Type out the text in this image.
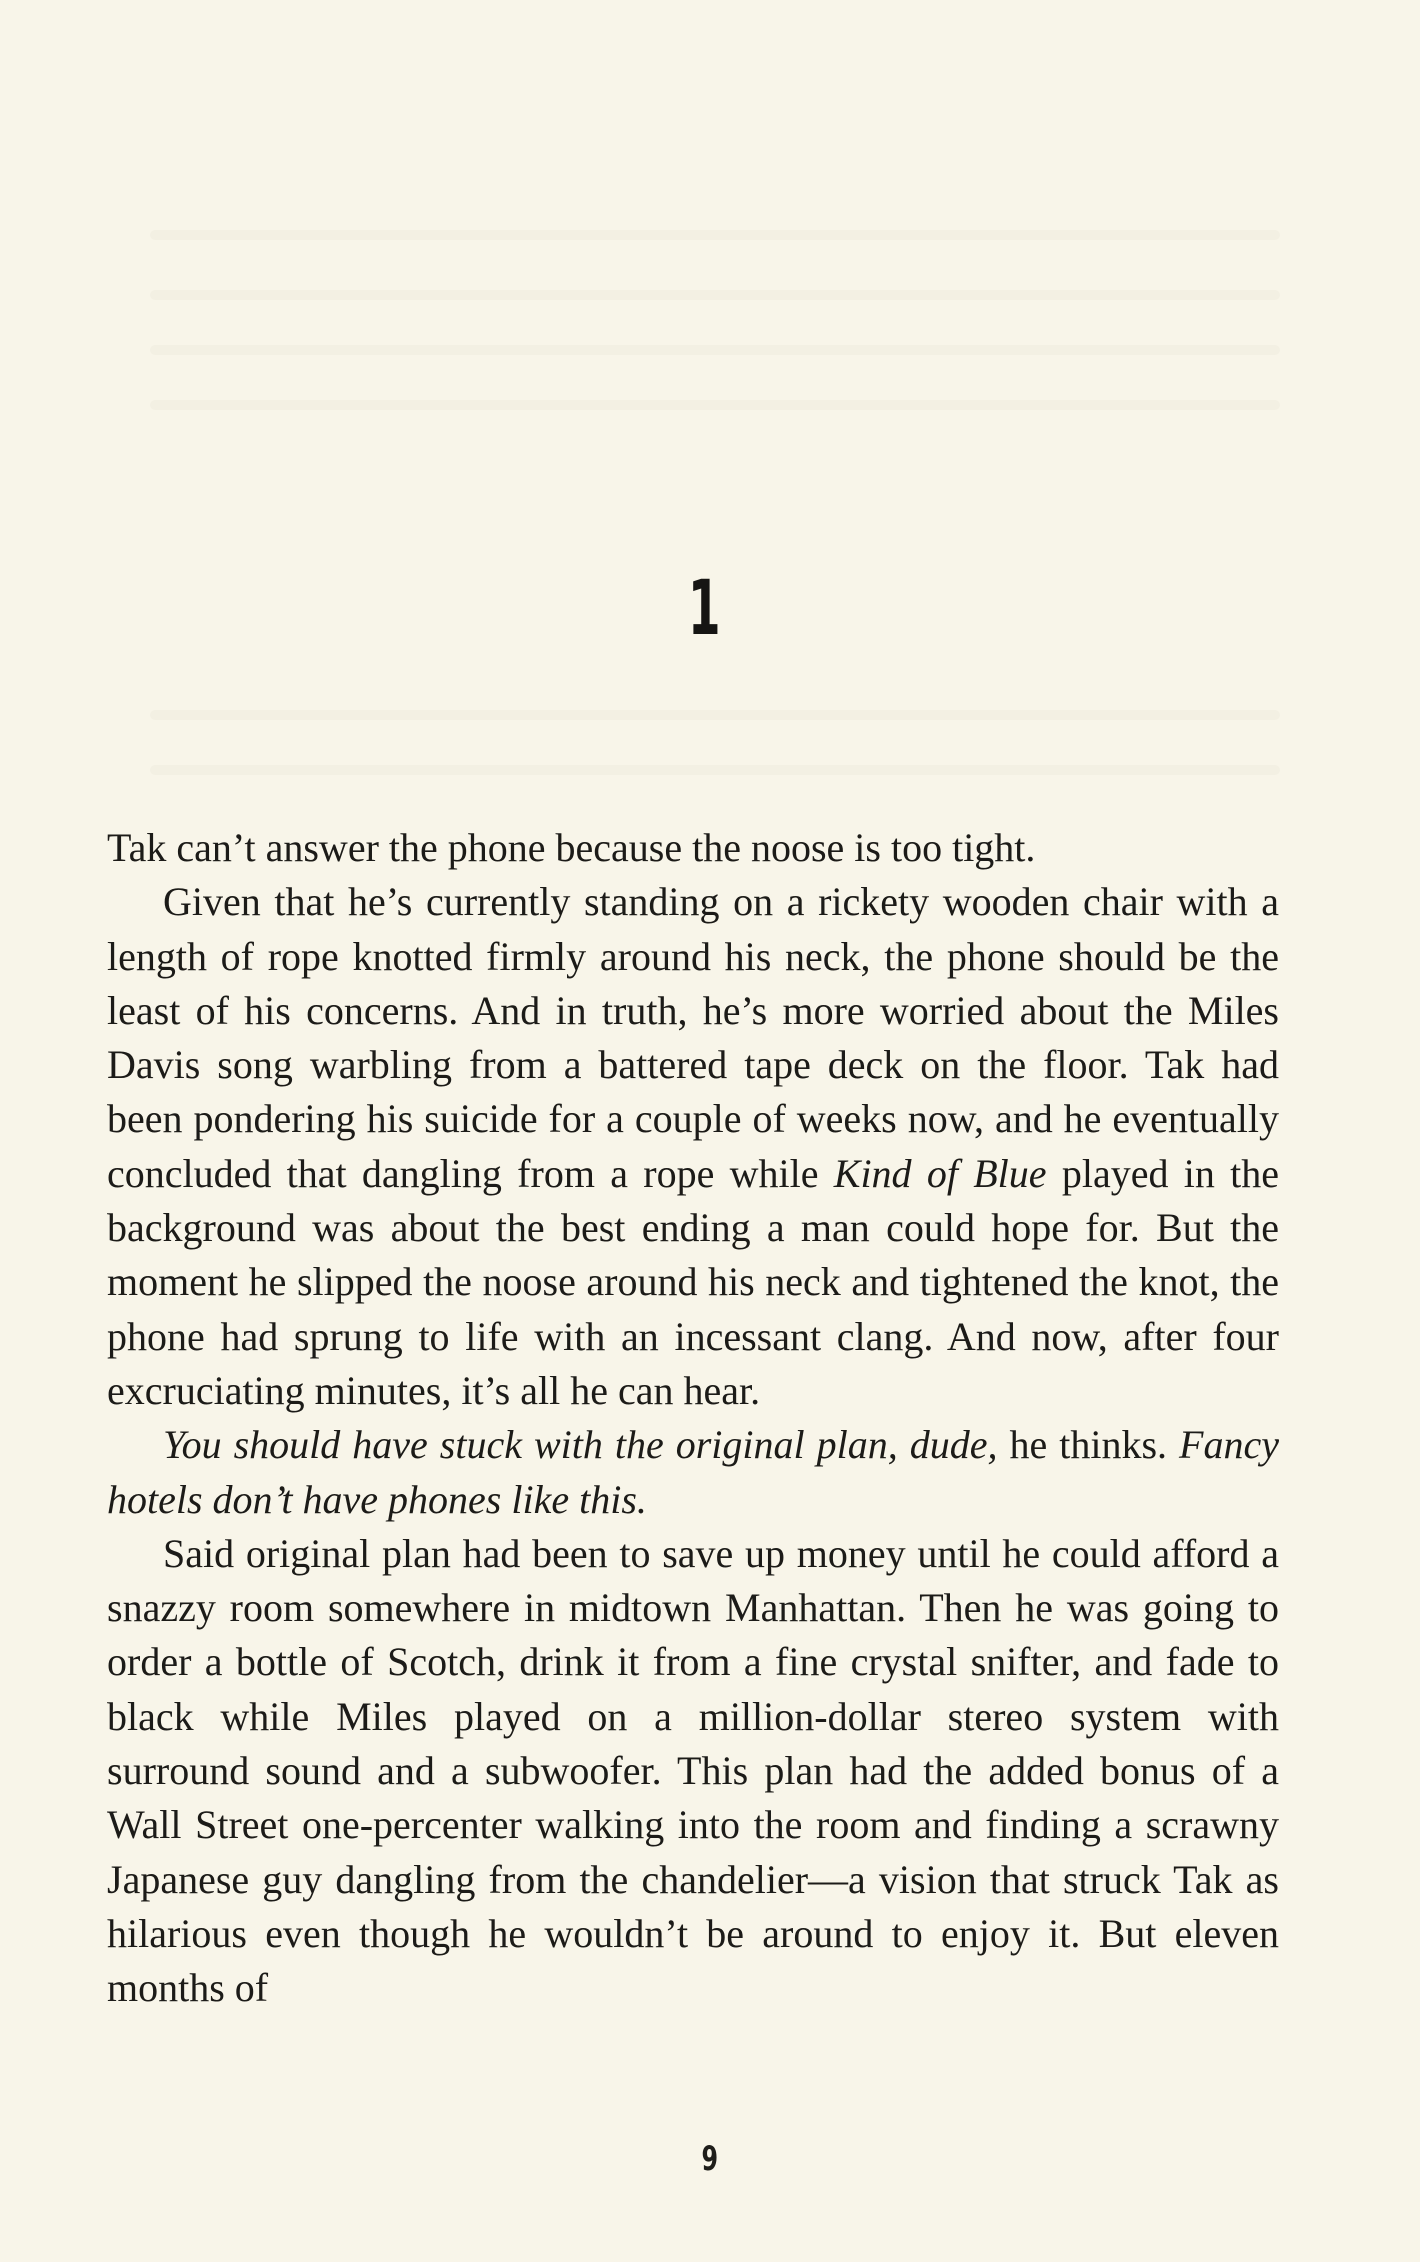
1

Tak can’t answer the phone because the noose is too tight.

Given that he’s currently standing on a rickety wooden chair with a length of rope knotted firmly around his neck, the phone should be the least of his concerns. And in truth, he’s more worried about the Miles Davis song warbling from a battered tape deck on the floor. Tak had been pondering his suicide for a couple of weeks now, and he eventually concluded that dangling from a rope while Kind of Blue played in the background was about the best ending a man could hope for. But the moment he slipped the noose around his neck and tightened the knot, the phone had sprung to life with an incessant clang. And now, after four excruciating minutes, it’s all he can hear.

You should have stuck with the original plan, dude, he thinks. Fancy hotels don’t have phones like this.

Said original plan had been to save up money until he could afford a snazzy room somewhere in midtown Manhattan. Then he was going to order a bottle of Scotch, drink it from a fine crystal snifter, and fade to black while Miles played on a million-dollar stereo system with surround sound and a subwoofer. This plan had the added bonus of a Wall Street one-percenter walking into the room and finding a scrawny Japanese guy dangling from the chandelier—a vision that struck Tak as hilarious even though he wouldn’t be around to enjoy it. But eleven months of

9
